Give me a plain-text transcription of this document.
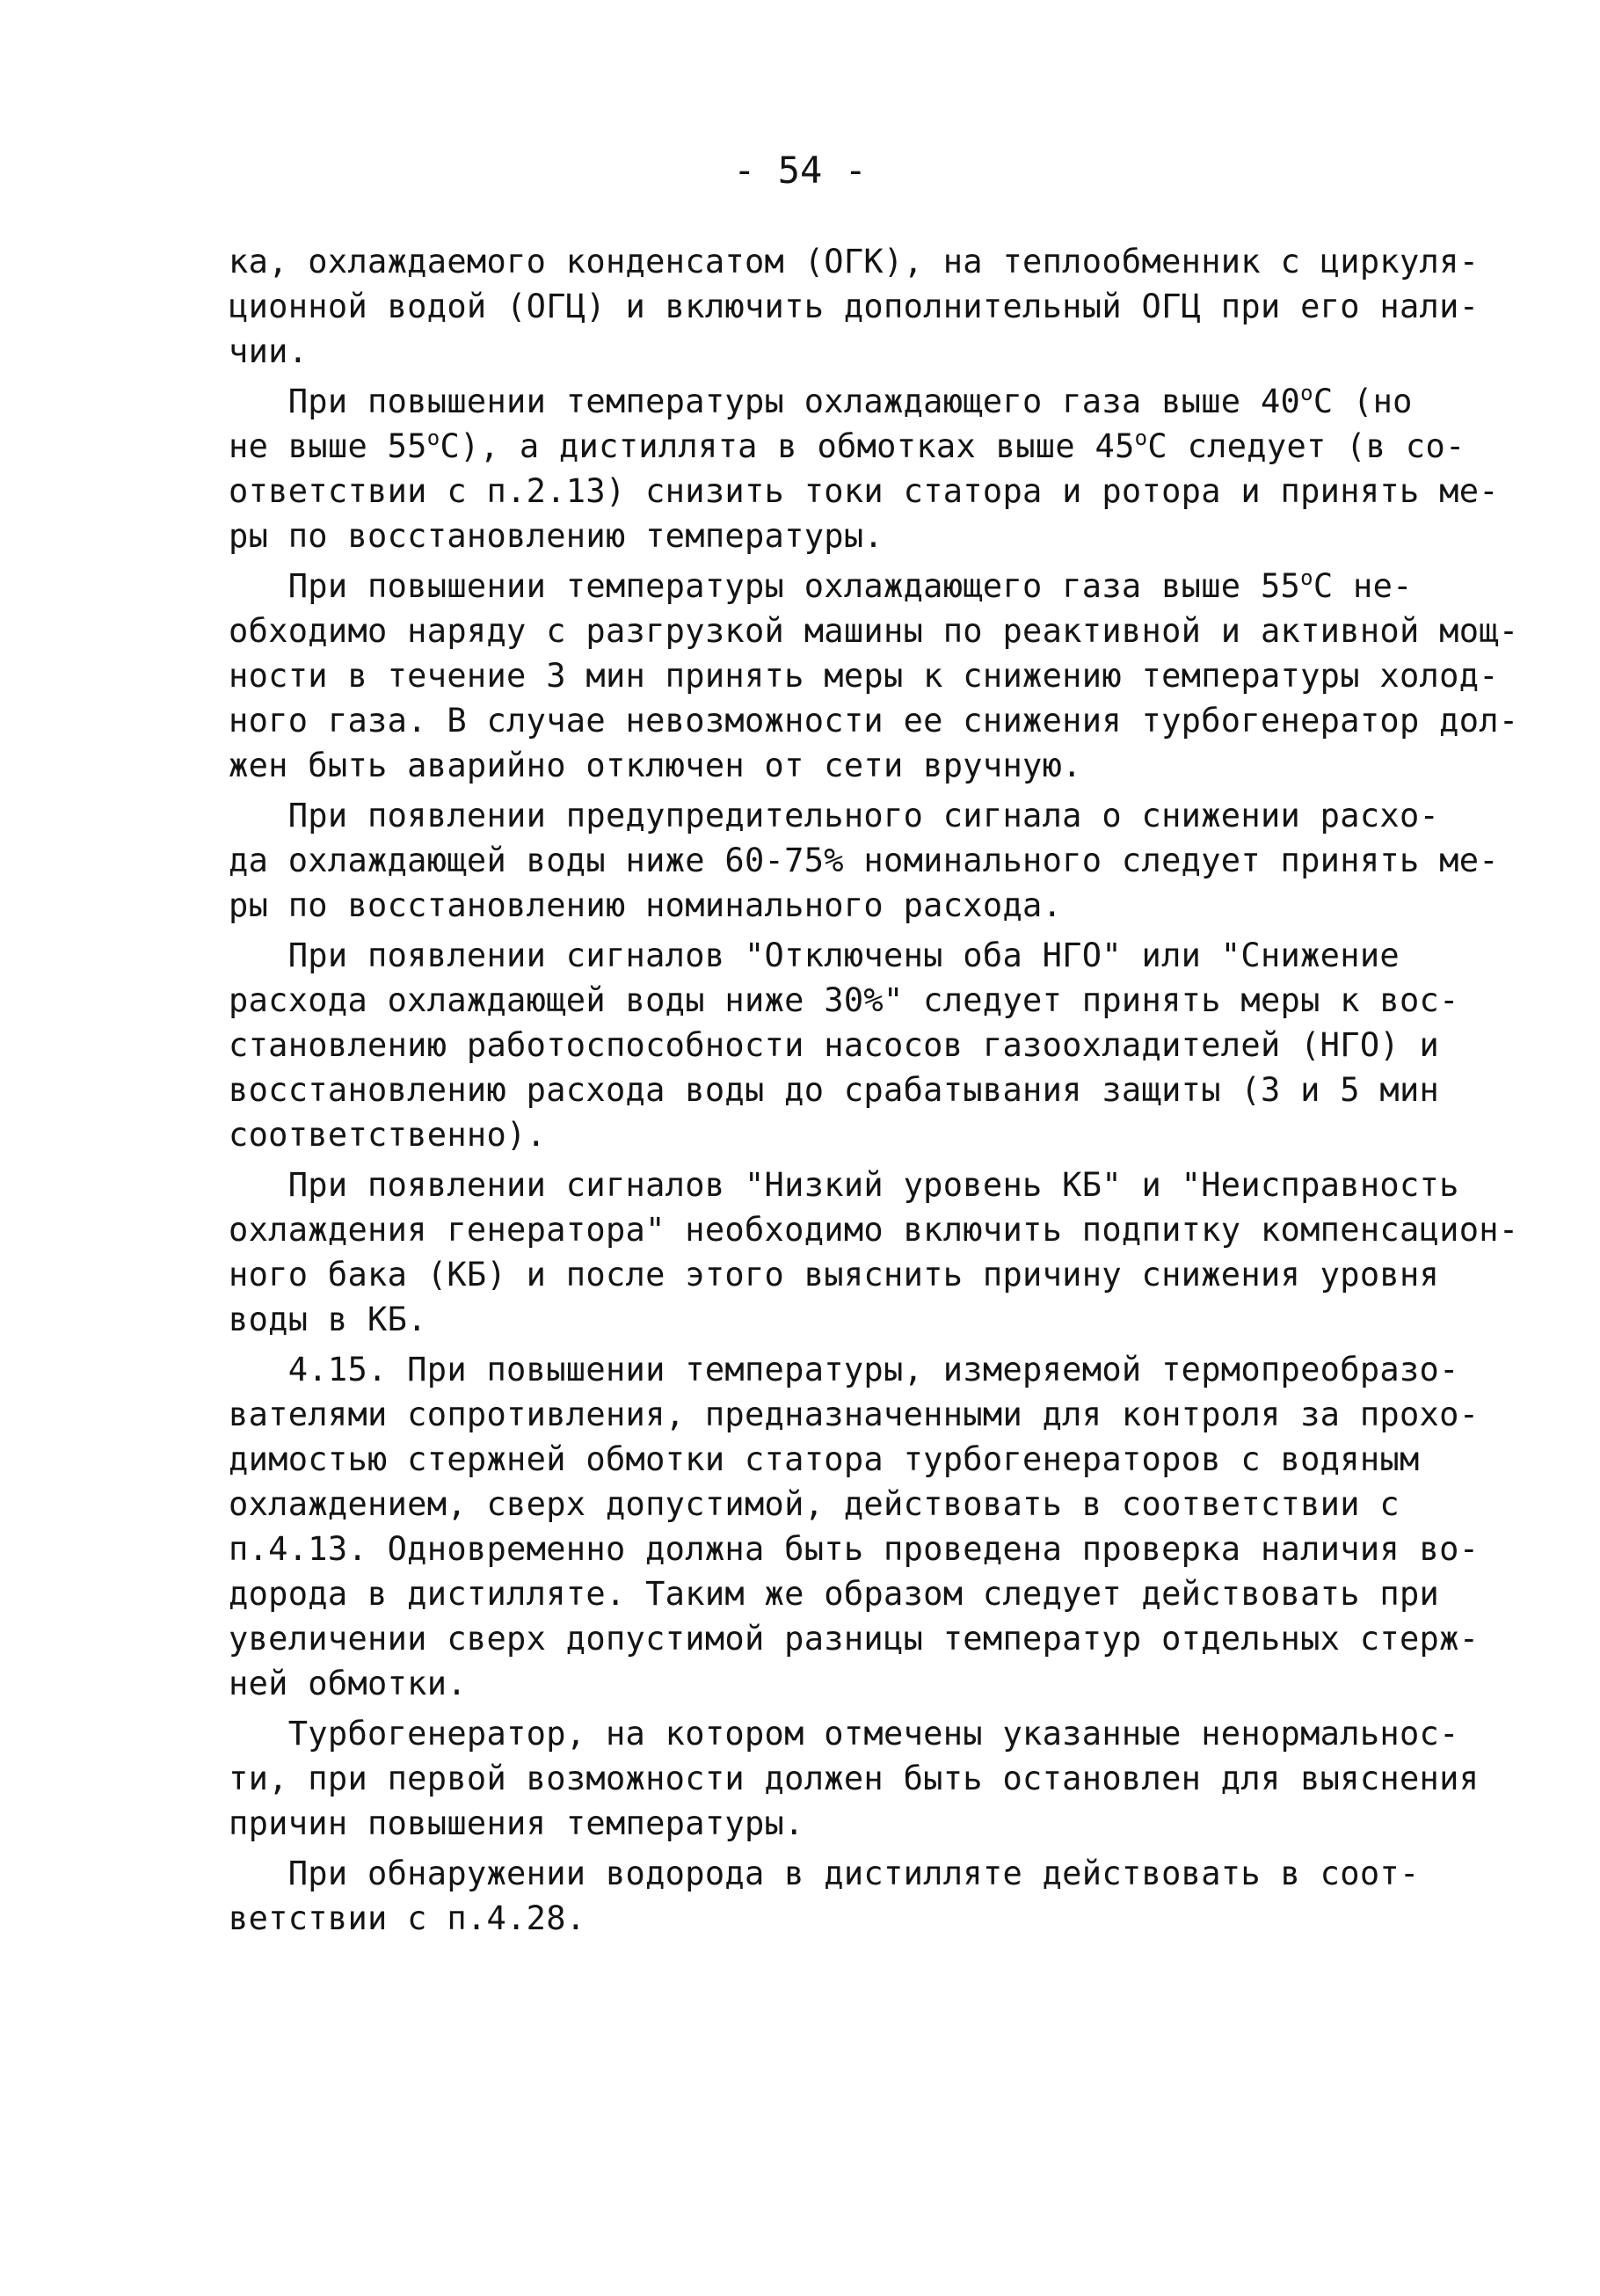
- 54 -
ка, охлаждаемого конденсатом (ОГК), на теплообменник с циркуля-
ционной водой (ОГЦ) и включить дополнительный ОГЦ при его нали-
чии.
При повышении температуры охлаждающего газа выше 40$^o$С (но
не выше 55$^o$С), а дистиллята в обмотках выше 45$^o$С следует (в со-
ответствии с п.2.13) снизить токи статора и ротора и принять ме-
ры по восстановлению температуры.
При повышении температуры охлаждающего газа выше 55$^o$С не-
обходимо наряду с разгрузкой машины по реактивной и активной мощ-
ности в течение 3 мин принять меры к снижению температуры холод-
ного газа. В случае невозможности ее снижения турбогенератор дол-
жен быть аварийно отключен от сети вручную.
При появлении предупредительного сигнала о снижении расхо-
да охлаждающей воды ниже 60-75% номинального следует принять ме-
ры по восстановлению номинального расхода.
При появлении сигналов "Отключены оба НГО" или "Снижение
расхода охлаждающей воды ниже 30%" следует принять меры к вос-
становлению работоспособности насосов газоохладителей (НГО) и
восстановлению расхода воды до срабатывания защиты (3 и 5 мин
соответственно).
При появлении сигналов "Низкий уровень КБ" и "Неисправность
охлаждения генератора" необходимо включить подпитку компенсацион-
ного бака (КБ) и после этого выяснить причину снижения уровня
воды в КБ.
4.15. При повышении температуры, измеряемой термопреобразо-
вателями сопротивления, предназначенными для контроля за прохо-
димостью стержней обмотки статора турбогенераторов с водяным
охлаждением, сверх допустимой, действовать в соответствии с
п.4.13. Одновременно должна быть проведена проверка наличия во-
дорода в дистилляте. Таким же образом следует действовать при
увеличении сверх допустимой разницы температур отдельных стерж-
ней обмотки.
Турбогенератор, на котором отмечены указанные ненормальнос-
ти, при первой возможности должен быть остановлен для выяснения
причин повышения температуры.
При обнаружении водорода в дистилляте действовать в соот-
ветствии с п.4.28.
